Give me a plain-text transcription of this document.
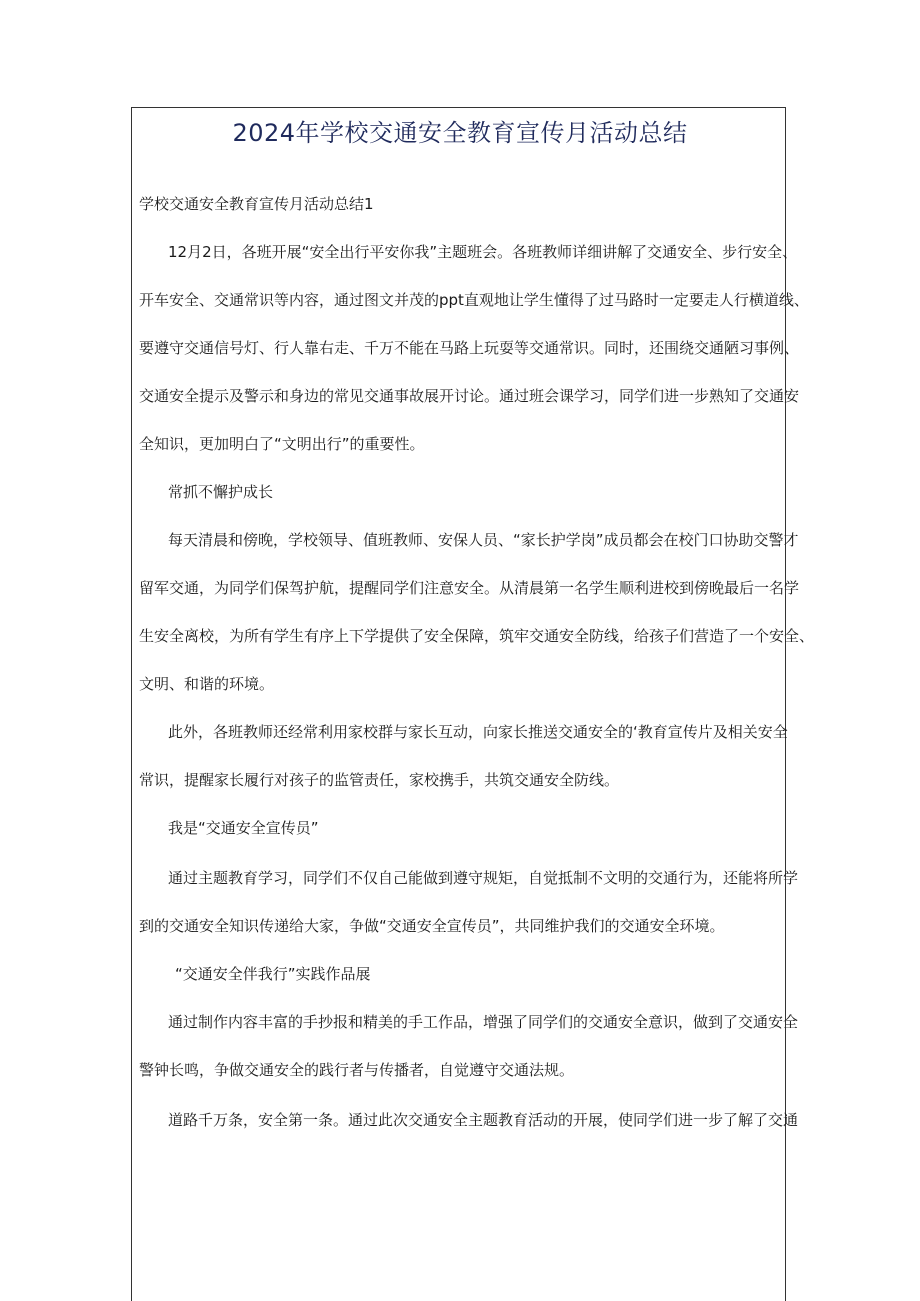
2024年学校交通安全教育宣传月活动总结
学校交通安全教育宣传月活动总结1
12月2日，各班开展“安全出行平安你我”主题班会。各班教师详细讲解了交通安全、步行安全、
开车安全、交通常识等内容，通过图文并茂的ppt直观地让学生懂得了过马路时一定要走人行横道线、
要遵守交通信号灯、行人靠右走、千万不能在马路上玩耍等交通常识。同时，还围绕交通陋习事例、
交通安全提示及警示和身边的常见交通事故展开讨论。通过班会课学习，同学们进一步熟知了交通安
全知识，更加明白了“文明出行”的重要性。
常抓不懈护成长
每天清晨和傍晚，学校领导、值班教师、安保人员、“家长护学岗”成员都会在校门口协助交警才
留军交通，为同学们保驾护航，提醒同学们注意安全。从清晨第一名学生顺利进校到傍晚最后一名学
生安全离校，为所有学生有序上下学提供了安全保障，筑牢交通安全防线，给孩子们营造了一个安全、
文明、和谐的环境。
此外，各班教师还经常利用家校群与家长互动，向家长推送交通安全的‘教育宣传片及相关安全
常识，提醒家长履行对孩子的监管责任，家校携手，共筑交通安全防线。
我是“交通安全宣传员”
通过主题教育学习，同学们不仅自己能做到遵守规矩，自觉抵制不文明的交通行为，还能将所学
到的交通安全知识传递给大家，争做“交通安全宣传员”，共同维护我们的交通安全环境。
“交通安全伴我行”实践作品展
通过制作内容丰富的手抄报和精美的手工作品，增强了同学们的交通安全意识，做到了交通安全
警钟长鸣，争做交通安全的践行者与传播者，自觉遵守交通法规。
道路千万条，安全第一条。通过此次交通安全主题教育活动的开展，使同学们进一步了解了交通
